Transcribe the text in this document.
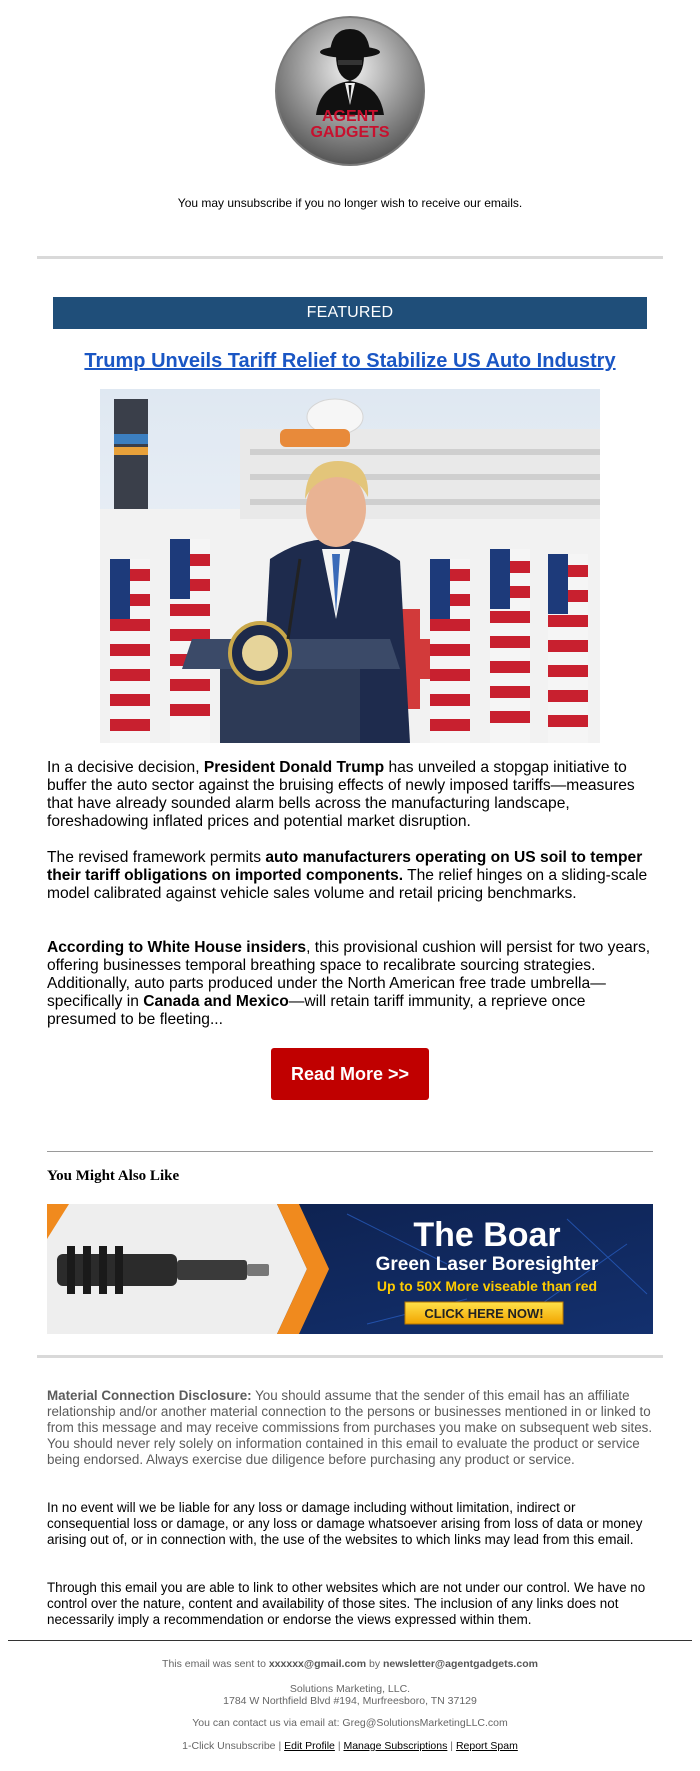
AGENT
GADGETS
You may unsubscribe if you no longer wish to receive our emails.
FEATURED
Trump Unveils Tariff Relief to Stabilize US Auto Industry
In a decisive decision, President Donald Trump has unveiled a stopgap initiative to buffer the auto sector against the bruising effects of newly imposed tariffs—measures that have already sounded alarm bells across the manufacturing landscape, foreshadowing inflated prices and potential market disruption.
The revised framework permits auto manufacturers operating on US soil to temper their tariff obligations on imported components. The relief hinges on a sliding-scale model calibrated against vehicle sales volume and retail pricing benchmarks.
According to White House insiders, this provisional cushion will persist for two years, offering businesses temporal breathing space to recalibrate sourcing strategies. Additionally, auto parts produced under the North American free trade umbrella—specifically in Canada and Mexico—will retain tariff immunity, a reprieve once presumed to be fleeting...
Read More >>
You Might Also Like
The Boar
Green Laser Boresighter
Up to 50X More viseable than red
CLICK HERE NOW!
Material Connection Disclosure: You should assume that the sender of this email has an affiliate relationship and/or another material connection to the persons or businesses mentioned in or linked to from this message and may receive commissions from purchases you make on subsequent web sites. You should never rely solely on information contained in this email to evaluate the product or service being endorsed. Always exercise due diligence before purchasing any product or service.
In no event will we be liable for any loss or damage including without limitation, indirect or consequential loss or damage, or any loss or damage whatsoever arising from loss of data or money arising out of, or in connection with, the use of the websites to which links may lead from this email.
Through this email you are able to link to other websites which are not under our control. We have no control over the nature, content and availability of those sites. The inclusion of any links does not necessarily imply a recommendation or endorse the views expressed within them.
This email was sent to xxxxxx@gmail.com by newsletter@agentgadgets.com
Solutions Marketing, LLC.
1784 W Northfield Blvd #194, Murfreesboro, TN 37129
You can contact us via email at: Greg@SolutionsMarketingLLC.com
1-Click Unsubscribe | Edit Profile | Manage Subscriptions | Report Spam
